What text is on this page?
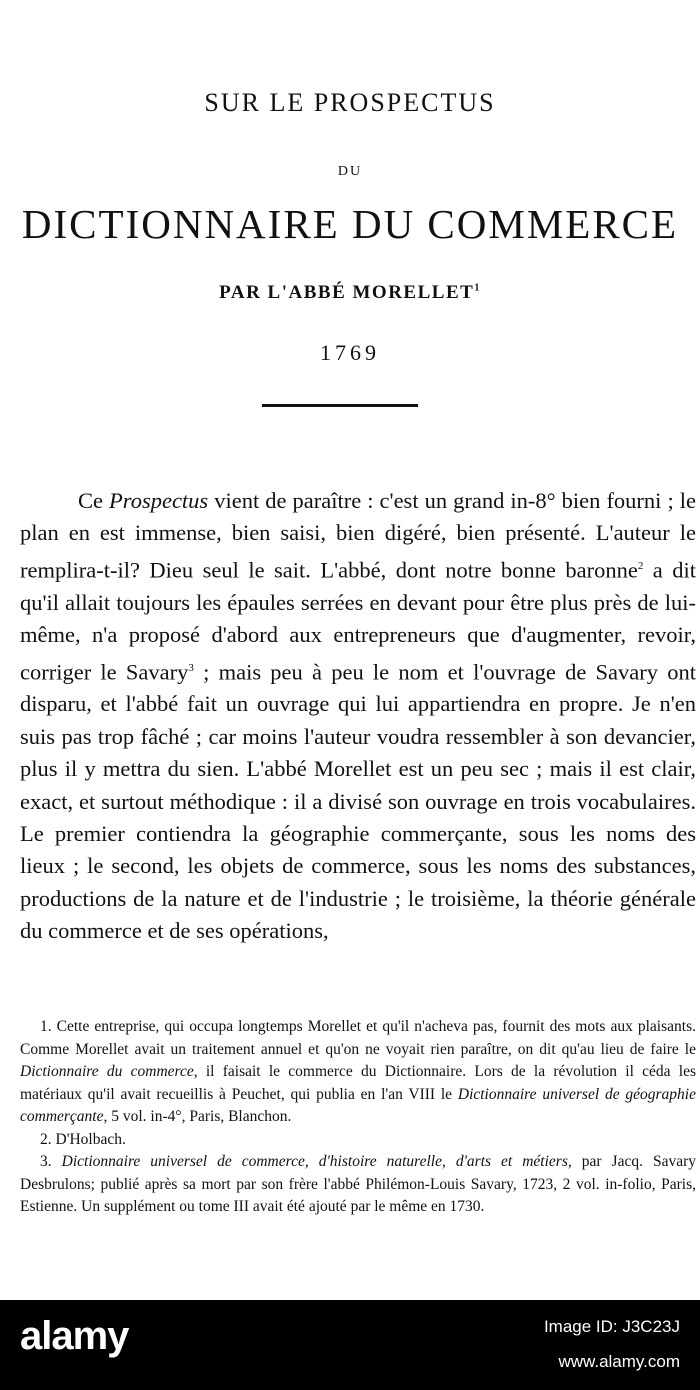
SUR LE PROSPECTUS
DU
DICTIONNAIRE DU COMMERCE
PAR L'ABBÉ MORELLET$^1$
1769

Ce Prospectus vient de paraître : c'est un grand in-8° bien fourni ; le plan en est immense, bien saisi, bien digéré, bien présenté. L'auteur le remplira-t-il? Dieu seul le sait. L'abbé, dont notre bonne baronne$^2$ a dit qu'il allait toujours les épaules serrées en devant pour être plus près de lui-même, n'a proposé d'abord aux entrepreneurs que d'augmenter, revoir, corriger le Savary$^3$ ; mais peu à peu le nom et l'ouvrage de Savary ont disparu, et l'abbé fait un ouvrage qui lui appartiendra en propre. Je n'en suis pas trop fâché ; car moins l'auteur voudra ressembler à son devancier, plus il y mettra du sien. L'abbé Morellet est un peu sec ; mais il est clair, exact, et surtout méthodique : il a divisé son ouvrage en trois vocabulaires. Le premier contiendra la géographie commerçante, sous les noms des lieux ; le second, les objets de commerce, sous les noms des substances, productions de la nature et de l'industrie ; le troisième, la théorie générale du commerce et de ses opérations,

1. Cette entreprise, qui occupa longtemps Morellet et qu'il n'acheva pas, fournit des mots aux plaisants. Comme Morellet avait un traitement annuel et qu'on ne voyait rien paraître, on dit qu'au lieu de faire le Dictionnaire du commerce, il faisait le commerce du Dictionnaire. Lors de la révolution il céda les matériaux qu'il avait recueillis à Peuchet, qui publia en l'an VIII le Dictionnaire universel de géographie commerçante, 5 vol. in-4°, Paris, Blanchon.

2. D'Holbach.

3. Dictionnaire universel de commerce, d'histoire naturelle, d'arts et métiers, par Jacq. Savary Desbrulons; publié après sa mort par son frère l'abbé Philémon-Louis Savary, 1723, 2 vol. in-folio, Paris, Estienne. Un supplément ou tome III avait été ajouté par le même en 1730.

alamy	Image ID: J3C23J
www.alamy.com
